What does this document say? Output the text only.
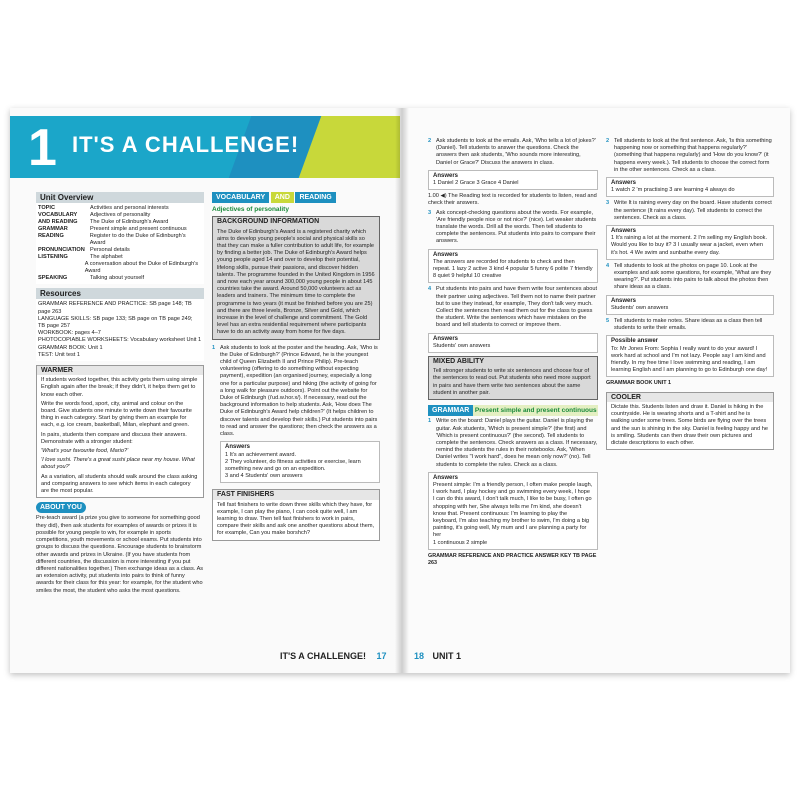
1 IT'S A CHALLENGE!
Unit Overview
TOPIC	Activities and personal interests
VOCABULARY	Adjectives of personality
AND READING	The Duke of Edinburgh's Award
GRAMMAR	Present simple and present continuous
READING	Register to do the Duke of Edinburgh's Award
PRONUNCIATION Personal details
LISTENING	The alphabet
A conversation about the Duke of Edinburgh's Award
SPEAKING	Talking about yourself
Resources
GRAMMAR REFERENCE AND PRACTICE: SB page 148; TB page 263
LANGUAGE SKILLS: SB page 133; SB page on TB page 249;
TB page 257
WORKBOOK: pages 4–7
PHOTOCOPIABLE WORKSHEETS: Vocabulary worksheet Unit 1
GRAMMAR BOOK: Unit 1
TEST: Unit test 1
WARMER
If students worked together, this activity gets them using simple English again after the break; if they didn't, it helps them get to know each other.
Write the words food, sport, city, animal and colour on the board. Give students one minute to write down their favourite thing in each category. Start by giving them an example for each, e.g. ice cream, basketball, Milan, elephant and green.
In pairs, students then compare and discuss their answers. Demonstrate with a stronger student:
'What's your favourite food, Mario?'
'I love sushi. There's a great sushi place near my house. What about you?'
As a variation, all students should walk around the class asking and comparing answers to see which items in each category are the most popular.
ABOUT YOU
Pre-teach award (a prize you give to someone for something good they did), then ask students for examples of awards or prizes it is possible for young people to win, for example in sports competitions, youth movements or school exams. Put students into groups to discuss the questions. Encourage students to brainstorm other awards and prizes in Ukraine. (If you have students from different countries, the discussion is more interesting if you put different nationalities together.) Then exchange ideas as a class. As an extension activity, put students into pairs to think of funny awards for their class for this year: for example, for the student who smiles the most, the student who asks the most questions.
VOCABULARY AND READING
Adjectives of personality
BACKGROUND INFORMATION
The Duke of Edinburgh's Award is a registered charity which aims to develop young people's social and physical skills so that they can make a fuller contribution to adult life, for example by finding a better job. The Duke of Edinburgh's Award helps young people aged 14 and over to develop their potential, lifelong skills, pursue their passions, and discover hidden talents. The programme founded in the United Kingdom in 1956 and now each year around 300,000 young people in about 145 countries take the award. Around 50,000 volunteers act as leaders and trainers. The minimum time to complete the programme is two years (it must be finished before you are 25) and there are three levels, Bronze, Silver and Gold, which increase in the level of challenge and commitment. The Gold level has an extra residential requirement where participants have to do an activity away from home for five days.
1 Ask students to look at the poster and the heading. Ask, 'Who is the Duke of Edinburgh?' (Prince Edward, he is the youngest child of Queen Elizabeth II and Prince Philip). Pre-teach volunteering (offering to do something without expecting payment), expedition (an organised journey, especially a long one for a particular purpose) and hiking (the activity of going for a long walk for pleasure outdoors). Point out the website for Duke of Edinburgh (i'ud.w.hor.x/). If necessary, read out the background information to help students. Ask, 'How does The Duke of Edinburgh's Award help children?' (It helps children to discover talents and develop their skills.) Put students into pairs to read and answer the questions; then check the answers as a class.
Answers
1 It's an achievement award.
2 They volunteer, do fitness activities or exercise, learn something new and go on an expedition.
3 and 4 Students' own answers
FAST FINISHERS
Tell fast finishers to write down three skills which they have, for example, I can play the piano, I can cook quite well, I am learning to draw. Then tell fast finishers to work in pairs, compare their skills and ask one another questions about them, for example, Can you make borshch?
IT'S A CHALLENGE! 17
2 Ask students to look at the emails. Ask, 'Who tells a lot of jokes?' (Daniel). Tell students to answer the questions. Check the answers then ask students, 'Who sounds more interesting, Daniel or Grace?' Discuss the answers in class.
Answers
1 Daniel 2 Grace 3 Grace 4 Daniel
1.00 ◀) The Reading text is recorded for students to listen, read and check their answers.
3 Ask concept-checking questions about the words. For example, 'Are friendly people nice or not nice?' (nice). Let weaker students translate the words. Drill all the words. Then tell students to complete the sentences. Put students into pairs to compare their answers.
Answers
The answers are recorded for students to check and then repeat. 1 lazy 2 active 3 kind 4 popular 5 funny 6 polite 7 friendly 8 quiet 9 helpful 10 creative
4 Put students into pairs and have them write four sentences about their partner using adjectives. Tell them not to name their partner but to use they instead, for example, They don't talk very much. Collect the sentences then read them out for the class to guess the student. Write the sentences which have mistakes on the board and tell students to correct or improve them.
Answers
Students' own answers
MIXED ABILITY
Tell stronger students to write six sentences and choose four of the sentences to read out. Put students who need more support in pairs and have them write two sentences about the same student in another pair.
GRAMMAR Present simple and present continuous
1 Write on the board: Daniel plays the guitar. Daniel is playing the guitar. Ask students, 'Which is present simple?' (the first) and 'Which is present continuous?' (the second). Tell students to complete the sentences. Check answers as a class. If necessary, remind the students the rules in their notebooks. Ask, 'When Daniel writes "I work hard", does he mean only now?' (no). Tell students to complete the rules. Check as a class.
Answers
Present simple: I'm a friendly person, I often make people laugh, I work hard, I play hockey and go swimming every week, I hope I can do this award, I don't talk much, I like to be busy, I often go shopping with her, She always tells me I'm kind, she doesn't know that. Present continuous: I'm learning to play the keyboard, I'm also teaching my brother to swim, I'm doing a big painting, it's going well, My mum and I are planning a party for her
1 continuous 2 simple
GRAMMAR REFERENCE AND PRACTICE ANSWER KEY TB PAGE 263
2 Tell students to look at the first sentence. Ask, 'Is this something happening now or something that happens regularly?' (something that happens regularly) and 'How do you know?' (it happens every week.). Tell students to choose the correct form in the other sentences. Check as a class.
Answers
1 watch 2 'm practising 3 are learning 4 always do
3 Write It is raining every day on the board. Have students correct the sentence (It rains every day). Tell students to correct the sentences. Check as a class.
Answers
1 It's raining a lot at the moment. 2 I'm selling my English book. Would you like to buy it? 3 I usually wear a jacket, even when it's hot. 4 We swim and sunbathe every day.
4 Tell students to look at the photos on page 10. Look at the examples and ask some questions, for example, 'What are they wearing?'. Put students into pairs to talk about the photos then share ideas as a class.
Answers
Students' own answers
5 Tell students to make notes. Share ideas as a class then tell students to write their emails.
Possible answer
To: Mr Jones From: Sophia I really want to do your award! I work hard at school and I'm not lazy. People say I am kind and friendly. In my free time I love swimming and reading, I am learning English and I am planning to go to Edinburgh one day!
GRAMMAR BOOK UNIT 1
COOLER
Dictate this. Students listen and draw it. Daniel is hiking in the countryside. He is wearing shorts and a T-shirt and he is walking under some trees. Some birds are flying over the trees and the sun is shining in the sky. Daniel is feeling happy and he is smiling. Students can then draw their own pictures and dictate descriptions to each other.
18 UNIT 1
